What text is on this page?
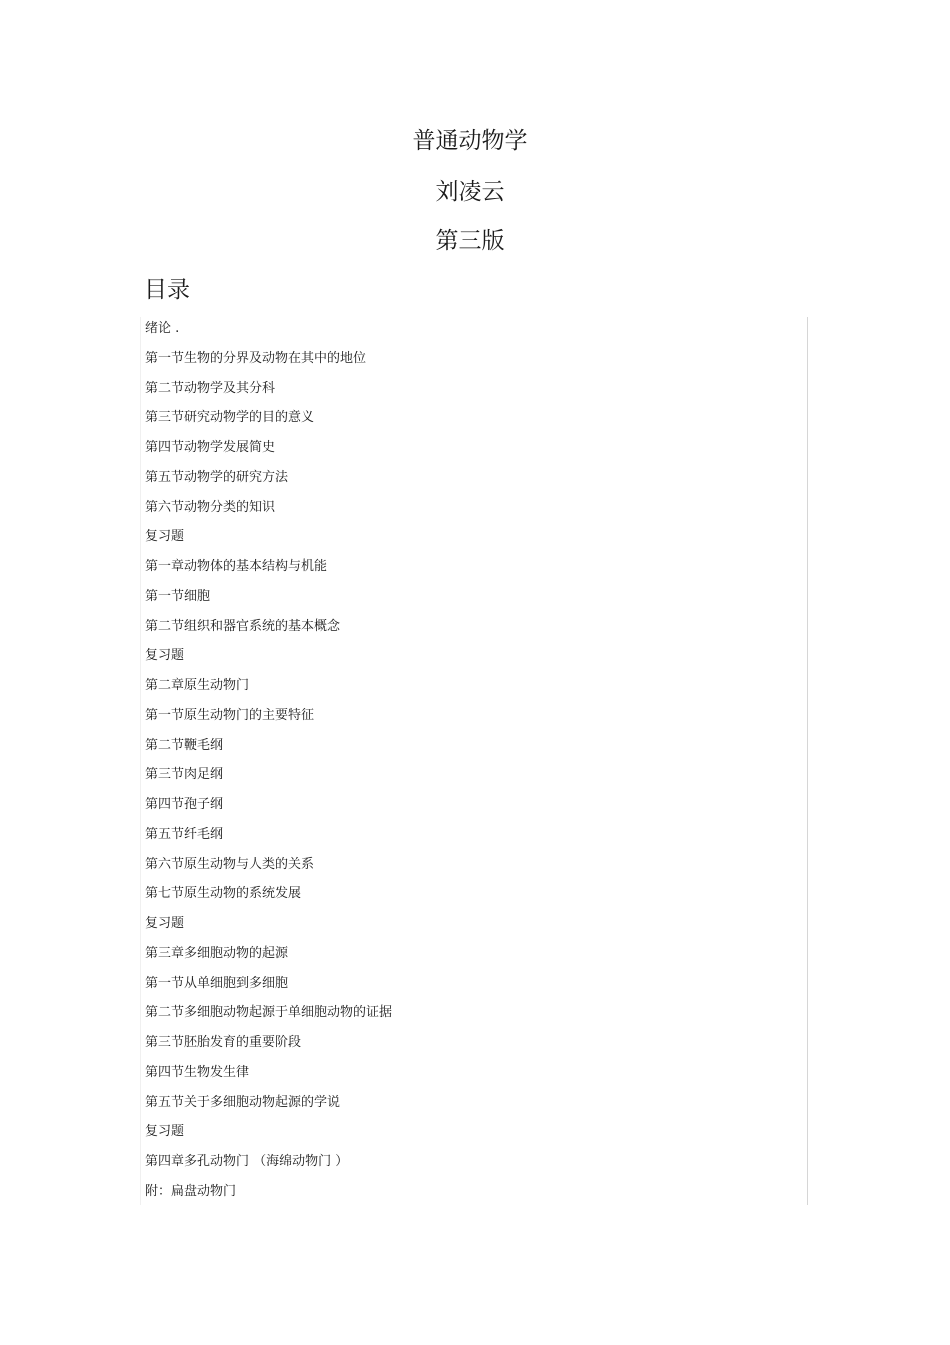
普通动物学
刘凌云
第三版
目录
绪论 .
第一节生物的分界及动物在其中的地位
第二节动物学及其分科
第三节研究动物学的目的意义
第四节动物学发展简史
第五节动物学的研究方法
第六节动物分类的知识
复习题
第一章动物体的基本结构与机能
第一节细胞
第二节组织和器官系统的基本概念
复习题
第二章原生动物门
第一节原生动物门的主要特征
第二节鞭毛纲
第三节肉足纲
第四节孢子纲
第五节纤毛纲
第六节原生动物与人类的关系
第七节原生动物的系统发展
复习题
第三章多细胞动物的起源
第一节从单细胞到多细胞
第二节多细胞动物起源于单细胞动物的证据
第三节胚胎发育的重要阶段
第四节生物发生律
第五节关于多细胞动物起源的学说
复习题
第四章多孔动物门 （海绵动物门 ）
附：扁盘动物门
